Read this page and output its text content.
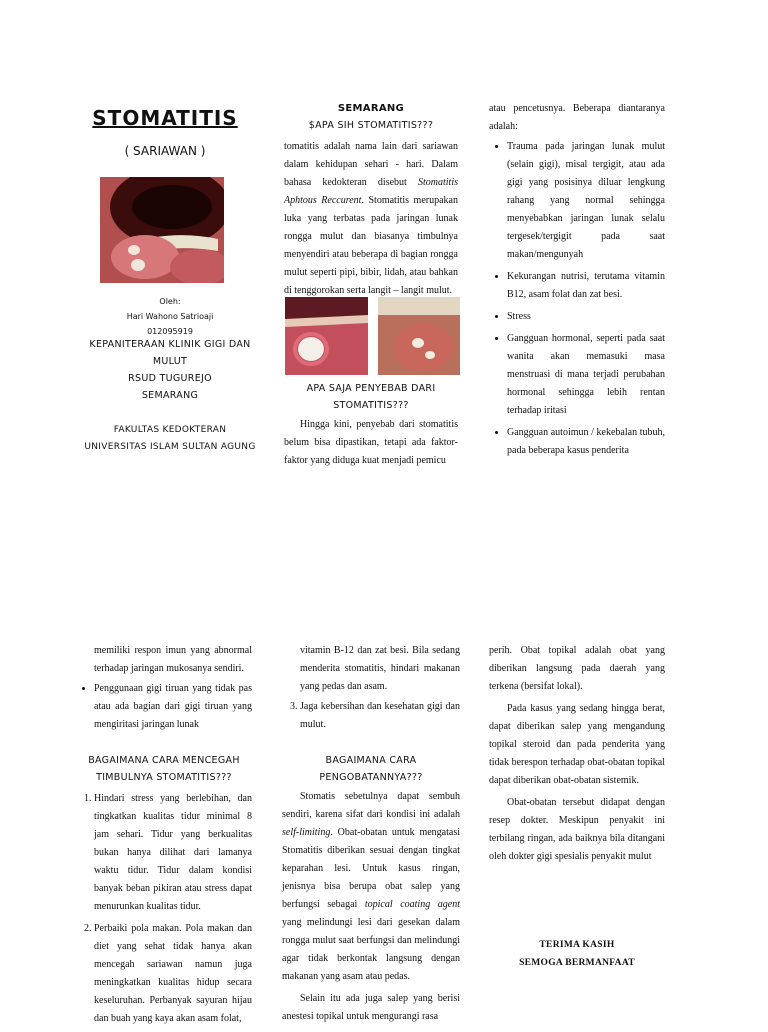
STOMATITIS
( SARIAWAN )
Oleh:
Hari Wahono Satrioaji
012095919
KEPANITERAAN KLINIK GIGI DAN
MULUT
RSUD TUGUREJO
SEMARANG
FAKULTAS KEDOKTERAN
UNIVERSITAS ISLAM SULTAN AGUNG
SEMARANG
$APA SIH STOMATITIS???

tomatitis adalah nama lain dari sariawan dalam kehidupan sehari - hari. Dalam bahasa kedokteran disebut Stomatitis Aphtous Reccurent. Stomatitis merupakan luka yang terbatas pada jaringan lunak rongga mulut dan biasanya timbulnya menyendiri atau beberapa di bagian rongga mulut seperti pipi, bibir, lidah, atau bahkan di tenggorokan serta langit – langit mulut.

APA SAJA PENYEBAB DARI STOMATITIS???

Hingga kini, penyebab dari stomatitis belum bisa dipastikan, tetapi ada faktor-faktor yang diduga kuat menjadi pemicu

atau pencetusnya. Beberapa diantaranya adalah:

• Trauma pada jaringan lunak mulut (selain gigi), misal tergigit, atau ada gigi yang posisinya diluar lengkung rahang yang normal sehingga menyebabkan jaringan lunak selalu tergesek/tergigit pada saat makan/mengunyah
• Kekurangan nutrisi, terutama vitamin B12, asam folat dan zat besi.
• Stress
• Gangguan hormonal, seperti pada saat wanita akan memasuki masa menstruasi di mana terjadi perubahan hormonal sehingga lebih rentan terhadap iritasi
• Gangguan autoimun / kekebalan tubuh, pada beberapa kasus penderita

memiliki respon imun yang abnormal terhadap jaringan mukosanya sendiri.

• Penggunaan gigi tiruan yang tidak pas atau ada bagian dari gigi tiruan yang mengiritasi jaringan lunak
BAGAIMANA CARA MENCEGAH TIMBULNYA STOMATITIS???
1. Hindari stress yang berlebihan, dan tingkatkan kualitas tidur minimal 8 jam sehari. Tidur yang berkualitas bukan hanya dilihat dari lamanya waktu tidur. Tidur dalam kondisi banyak beban pikiran atau stress dapat menurunkan kualitas tidur.
2. Perbaiki pola makan. Pola makan dan diet yang sehat tidak hanya akan mencegah sariawan namun juga meningkatkan kualitas hidup secara keseluruhan. Perbanyak sayuran hijau dan buah yang kaya akan asam folat,

vitamin B-12 dan zat besi. Bila sedang menderita stomatitis, hindari makanan yang pedas dan asam.

3. Jaga kebersihan dan kesehatan gigi dan mulut.
BAGAIMANA CARA PENGOBATANNYA???

Stomatis sebetulnya dapat sembuh sendiri, karena sifat dari kondisi ini adalah self-limiting. Obat-obatan untuk mengatasi Stomatitis diberikan sesuai dengan tingkat keparahan lesi. Untuk kasus ringan, jenisnya bisa berupa obat salep yang berfungsi sebagai topical coating agent yang melindungi lesi dari gesekan dalam rongga mulut saat berfungsi dan melindungi agar tidak berkontak langsung dengan makanan yang asam atau pedas.

Selain itu ada juga salep yang berisi anestesi topikal untuk mengurangi rasa

perih. Obat topikal adalah obat yang diberikan langsung pada daerah yang terkena (bersifat lokal).

Pada kasus yang sedang hingga berat, dapat diberikan salep yang mengandung topikal steroid dan pada penderita yang tidak berespon terhadap obat-obatan topikal dapat diberikan obat-obatan sistemik.

Obat-obatan tersebut didapat dengan resep dokter. Meskipun penyakit ini terbilang ringan, ada baiknya bila ditangani oleh dokter gigi spesialis penyakit mulut

TERIMA KASIH
SEMOGA BERMANFAAT
